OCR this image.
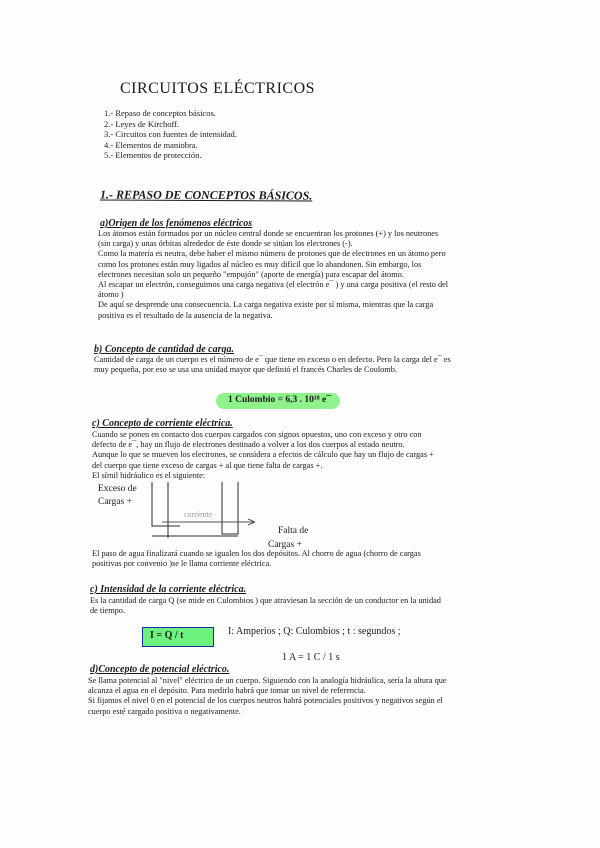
CIRCUITOS ELÉCTRICOS
1.- Repaso de conceptos básicos.
2.- Leyes de Kirchoff.
3.- Circuitos con fuentes de intensidad.
4.- Elementos de maniobra.
5.- Elementos de protección.
1.- REPASO DE CONCEPTOS BÁSICOS.
a)Origen de los fenómenos eléctricos
Los átomos están formados por un núcleo central donde se encuentran los protones (+) y los neutrones
(sin carga) y unas órbitas alrededor de éste donde se sitúan los electrones (-).
Como la materia es neutra, debe haber el mismo número de protones que de electrones en un átomo pero
como los protones están muy ligados al núcleo es muy difícil que lo abandonen. Sin embargo, los
electrones necesitan solo un pequeño "empujón" (aporte de energía) para escapar del átomo.
Al escapar un electrón, conseguimos una carga negativa (el electrón e¯ ) y una carga positiva (el resto del
átomo )
De aquí se desprende una consecuencia. La carga negativa existe por sí misma, mientras que la carga
positiva es el resultado de la ausencia de la negativa.
b) Concepto de cantidad de carga.
Cantidad de carga de un cuerpo es el número de e¯ que tiene en exceso o en defecto. Pero la carga del e¯ es
muy pequeña, por eso se usa una unidad mayor que definió el francés Charles de Coulomb.
1 Culombio = 6,3 . 10¹⁸ e¯
c) Concepto de corriente eléctrica.
Cuando se ponen en contacto dos cuerpos cargados con signos opuestos, uno con exceso y otro con
defecto de e¯, hay un flujo de electrones destinado a volver a los dos cuerpos al estado neutro.
Aunque lo que se mueven los electrones, se considera a efectos de cálculo que hay un flujo de cargas +
del cuerpo que tiene exceso de cargas + al que tiene falta de cargas +.
El símil hidráulico es el siguiente:
Exceso de
Cargas +
corriente
Falta de
Cargas +
El paso de agua finalizará cuando se igualen los dos depósitos. Al chorro de agua (chorro de cargas
positivas por convenio )se le llama corriente eléctrica.
c) Intensidad de la corriente eléctrica.
Es la cantidad de carga Q (se mide en Culombios ) que atraviesan la sección de un conductor en la unidad
de tiempo.
I = Q / t	I: Amperios ; Q: Culombios ; t : segundos ;
1 A = 1 C / 1 s
d)Concepto de potencial eléctrico.
Se llama potencial al "nivel" eléctrico de un cuerpo. Siguiendo con la analogía hidráulica, sería la altura que
alcanza el agua en el depósito. Para medirlo habrá que tomar un nivel de referencia.
Si fijamos el nivel 0 en el potencial de los cuerpos neutros habrá potenciales positivos y negativos según el
cuerpo esté cargado positiva o negativamente.
